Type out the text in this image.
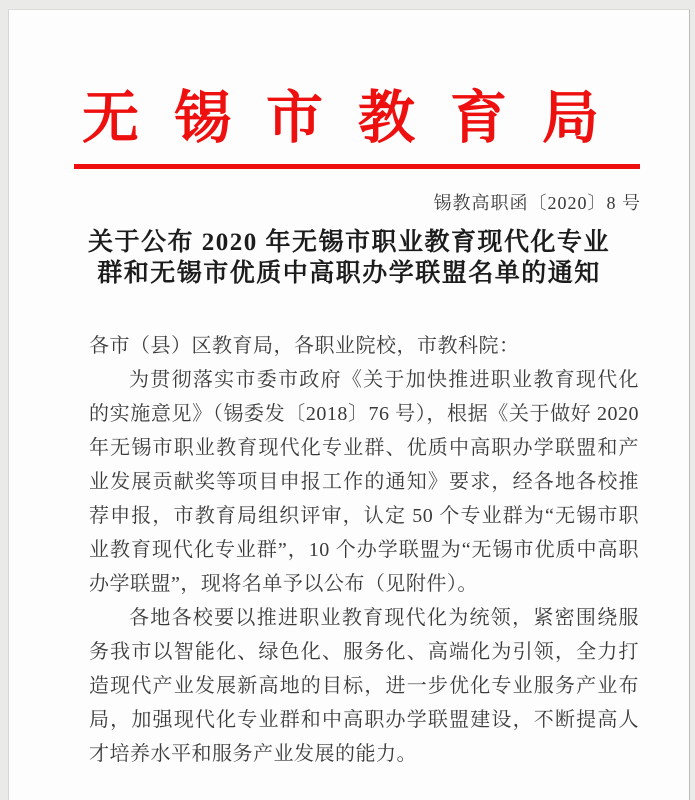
无锡市教育局
锡教高职函〔2020〕8 号
关于公布 2020 年无锡市职业教育现代化专业
群和无锡市优质中高职办学联盟名单的通知

各市（县）区教育局，各职业院校，市教科院：

为贯彻落实市委市政府《关于加快推进职业教育现代化的实施意见》（锡委发〔2018〕76 号），根据《关于做好 2020 年无锡市职业教育现代化专业群、优质中高职办学联盟和产业发展贡献奖等项目申报工作的通知》要求，经各地各校推荐申报，市教育局组织评审，认定 50 个专业群为“无锡市职业教育现代化专业群”，10 个办学联盟为“无锡市优质中高职办学联盟”，现将名单予以公布（见附件）。

各地各校要以推进职业教育现代化为统领，紧密围绕服务我市以智能化、绿色化、服务化、高端化为引领，全力打造现代产业发展新高地的目标，进一步优化专业服务产业布局，加强现代化专业群和中高职办学联盟建设，不断提高人才培养水平和服务产业发展的能力。
